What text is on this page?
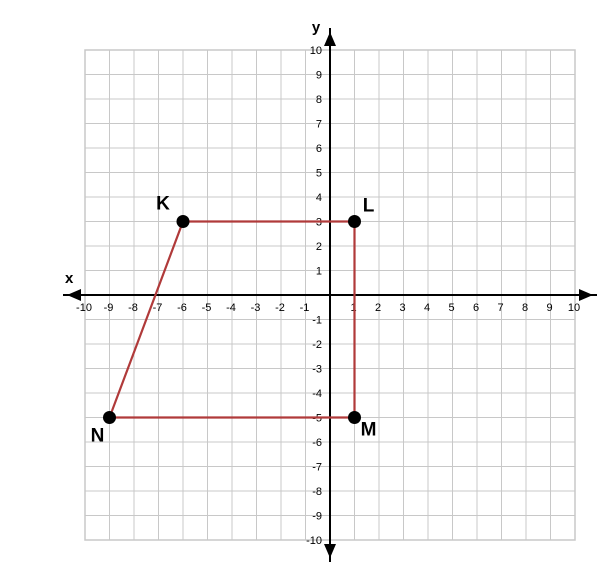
x
y
-10 -9 -8 -7 -6 -5 -4 -3 -2 -1	1 2 3 4 5 6 7 8 9 10
10
9
8
7
6
5
4
3
2
1
-1
-2
-3
-4
-5
-6
-7
-8
-9
-10
K	L
M
N
